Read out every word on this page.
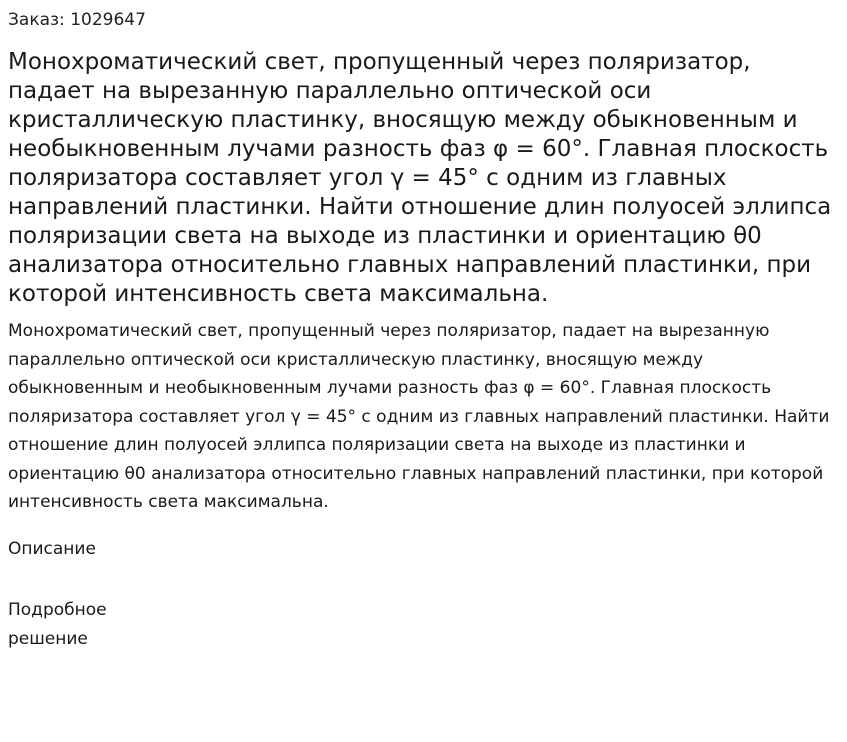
Заказ: 1029647

Монохроматический свет, пропущенный через поляризатор, падает на вырезанную параллельно оптической оси кристаллическую пластинку, вносящую между обыкновенным и необыкновенным лучами разность фаз φ = 60°. Главная плоскость поляризатора составляет угол γ = 45° с одним из главных направлений пластинки. Найти отношение длин полуосей эллипса поляризации света на выходе из пластинки и ориентацию θ0 анализатора относительно главных направлений пластинки, при которой интенсивность света максимальна.

Монохроматический свет, пропущенный через поляризатор, падает на вырезанную параллельно оптической оси кристаллическую пластинку, вносящую между обыкновенным и необыкновенным лучами разность фаз φ = 60°. Главная плоскость поляризатора составляет угол γ = 45° с одним из главных направлений пластинки. Найти отношение длин полуосей эллипса поляризации света на выходе из пластинки и ориентацию θ0 анализатора относительно главных направлений пластинки, при которой интенсивность света максимальна.

Описание
Подробное решение
